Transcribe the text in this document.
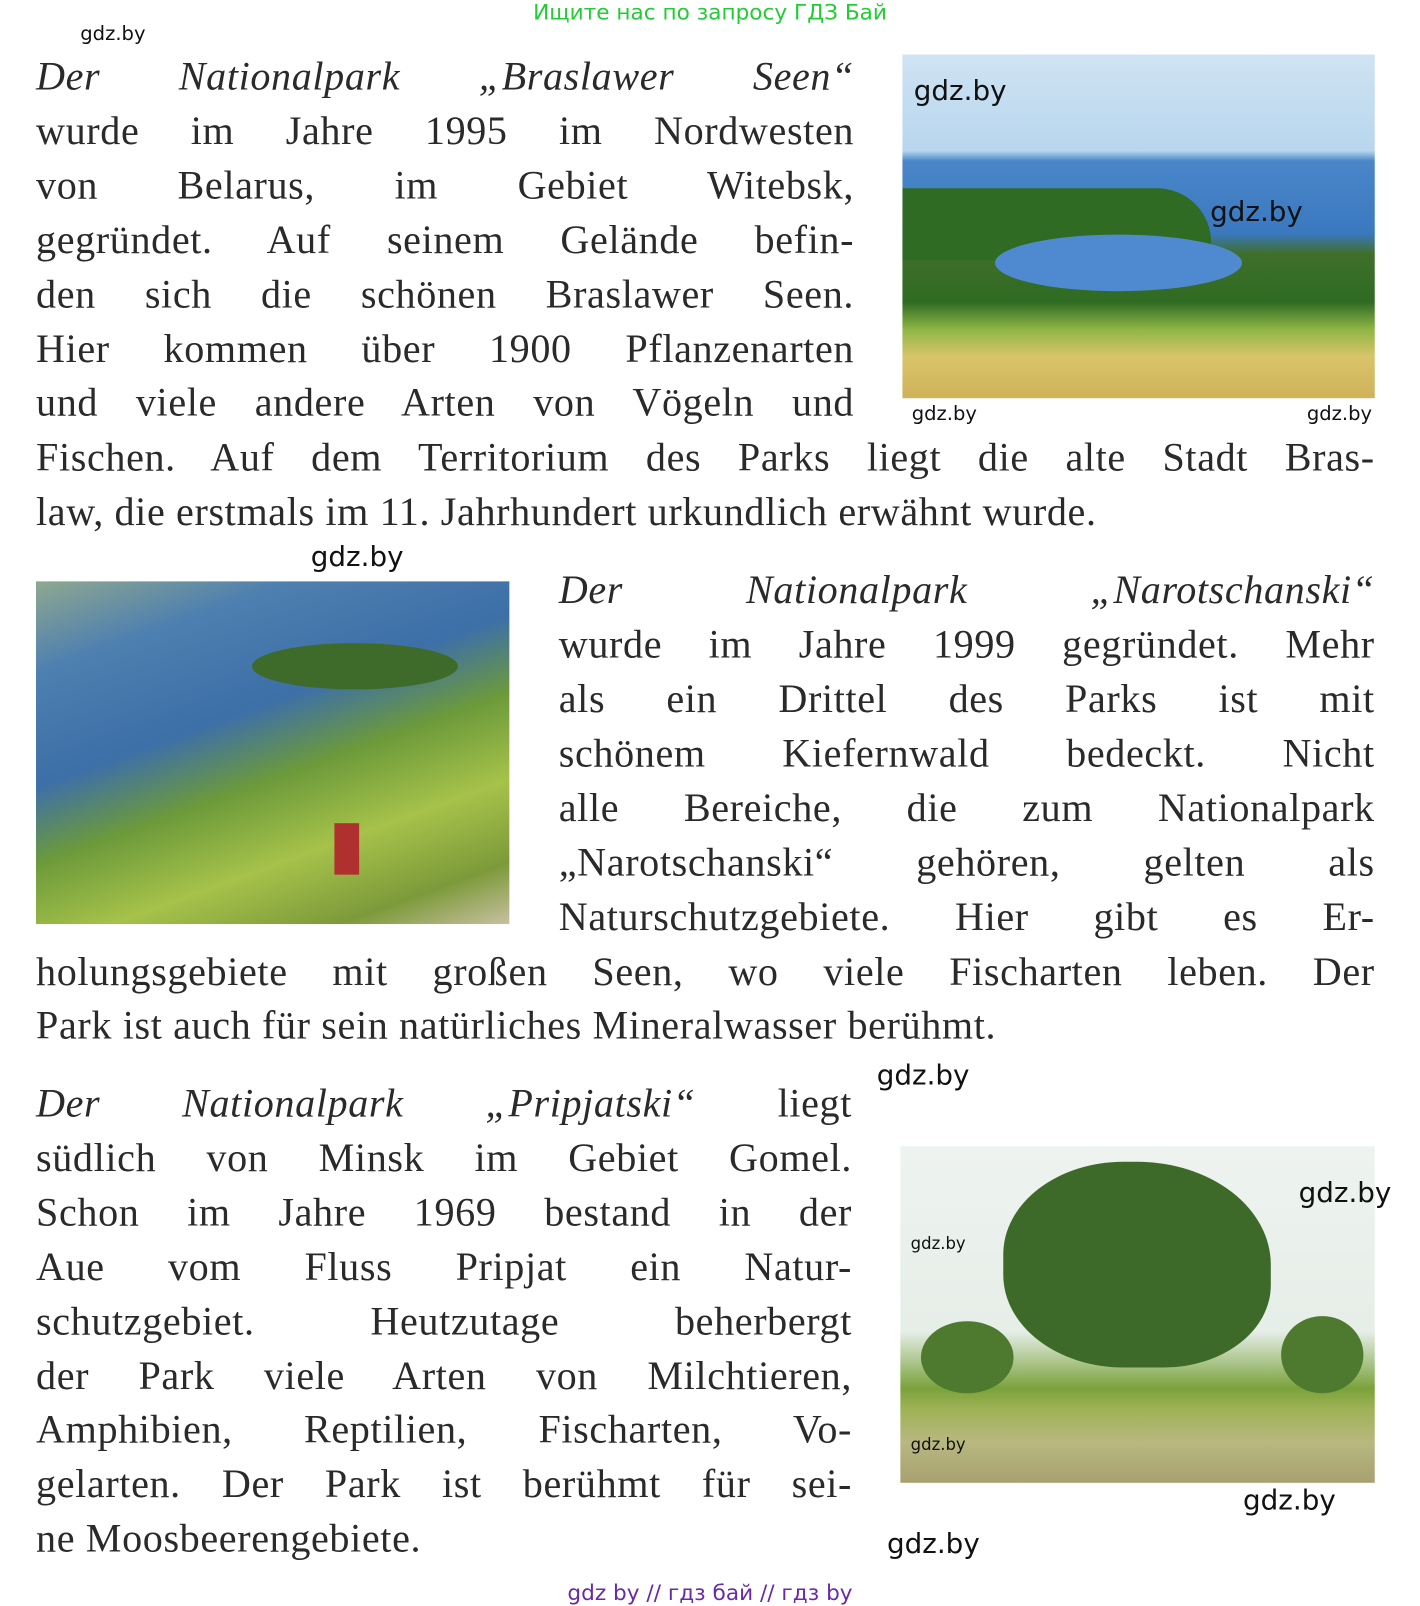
Ищите нас по запросу ГДЗ Бай
Der Nationalpark „Braslawer Seen“
wurde im Jahre 1995 im Nordwesten
von Belarus, im Gebiet Witebsk,
gegründet. Auf seinem Gelände befin-
den sich die schönen Braslawer Seen.
Hier kommen über 1900 Pflanzenarten
und viele andere Arten von Vögeln und
Fischen. Auf dem Territorium des Parks liegt die alte Stadt Bras-
law, die erstmals im 11. Jahrhundert urkundlich erwähnt wurde.
Der Nationalpark „Narotschanski“
wurde im Jahre 1999 gegründet. Mehr
als ein Drittel des Parks ist mit
schönem Kiefernwald bedeckt. Nicht
alle Bereiche, die zum Nationalpark
„Narotschanski“ gehören, gelten als
Naturschutzgebiete. Hier gibt es Er-
holungsgebiete mit großen Seen, wo viele Fischarten leben. Der
Park ist auch für sein natürliches Mineralwasser berühmt.
Der Nationalpark „Pripjatski“ liegt
südlich von Minsk im Gebiet Gomel.
Schon im Jahre 1969 bestand in der
Aue vom Fluss Pripjat ein Natur-
schutzgebiet. Heutzutage beherbergt
der Park viele Arten von Milchtieren,
Amphibien, Reptilien, Fischarten, Vo-
gelarten. Der Park ist berühmt für sei-
ne Moosbeerengebiete.
gdz.by
gdz.by
gdz.by
gdz.by	gdz.by
gdz.by
gdz.by
gdz.by
gdz.by
gdz.by
gdz.by
gdz.by
gdz by // гдз бай // гдз by
